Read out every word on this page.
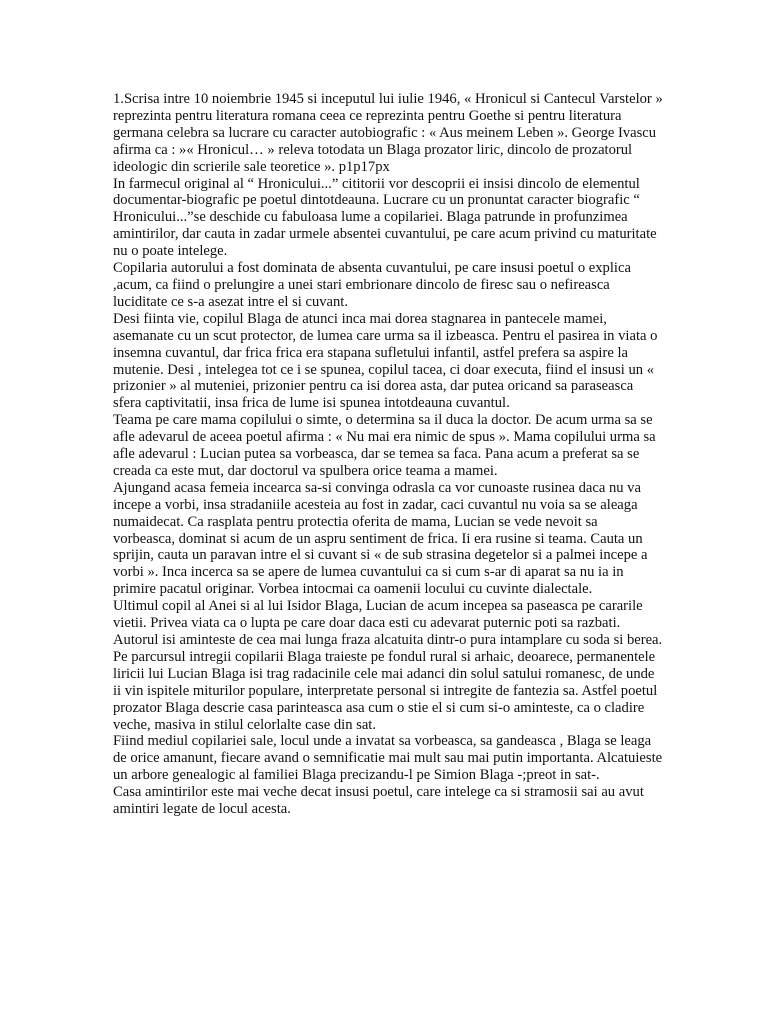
1.Scrisa intre 10 noiembrie 1945 si inceputul lui iulie 1946, « Hronicul si Cantecul Varstelor » reprezinta pentru literatura romana ceea ce reprezinta pentru Goethe si pentru literatura germana celebra sa lucrare cu caracter autobiografic : « Aus meinem Leben ». George Ivascu afirma ca : »« Hronicul… » releva totodata un Blaga prozator liric, dincolo de prozatorul ideologic din scrierile sale teoretice ». p1p17px

In farmecul original al “ Hronicului...” cititorii vor descoprii ei insisi dincolo de elementul documentar-biografic pe poetul dintotdeauna. Lucrare cu un pronuntat caracter biografic “ Hronicului...”se deschide cu fabuloasa lume a copilariei. Blaga patrunde in profunzimea amintirilor, dar cauta in zadar urmele absentei cuvantului, pe care acum privind cu maturitate nu o poate intelege.

Copilaria autorului a fost dominata de absenta cuvantului, pe care insusi poetul o explica ,acum, ca fiind o prelungire a unei stari embrionare dincolo de firesc sau o nefireasca luciditate ce s-a asezat intre el si cuvant.

Desi fiinta vie, copilul Blaga de atunci inca mai dorea stagnarea in pantecele mamei, asemanate cu un scut protector, de lumea care urma sa il izbeasca. Pentru el pasirea in viata o insemna cuvantul, dar frica frica era stapana sufletului infantil, astfel prefera sa aspire la mutenie. Desi , intelegea tot ce i se spunea, copilul tacea, ci doar executa, fiind el insusi un « prizonier » al muteniei, prizonier pentru ca isi dorea asta, dar putea oricand sa paraseasca sfera captivitatii, insa frica de lume isi spunea intotdeauna cuvantul.

Teama pe care mama copilului o simte, o determina sa il duca la doctor. De acum urma sa se afle adevarul de aceea poetul afirma : « Nu mai era nimic de spus ». Mama copilului urma sa afle adevarul : Lucian putea sa vorbeasca, dar se temea sa faca. Pana acum a preferat sa se creada ca este mut, dar doctorul va spulbera orice teama a mamei.

Ajungand acasa femeia incearca sa-si convinga odrasla ca vor cunoaste rusinea daca nu va incepe a vorbi, insa stradaniile acesteia au fost in zadar, caci cuvantul nu voia sa se aleaga numaidecat. Ca rasplata pentru protectia oferita de mama, Lucian se vede nevoit sa vorbeasca, dominat si acum de un aspru sentiment de frica. Ii era rusine si teama. Cauta un sprijin, cauta un paravan intre el si cuvant si « de sub strasina degetelor si a palmei incepe a vorbi ». Inca incerca sa se apere de lumea cuvantului ca si cum s-ar di aparat sa nu ia in primire pacatul originar. Vorbea intocmai ca oamenii locului cu cuvinte dialectale.

Ultimul copil al Anei si al lui Isidor Blaga, Lucian de acum incepea sa paseasca pe cararile vietii. Privea viata ca o lupta pe care doar daca esti cu adevarat puternic poti sa razbati. Autorul isi aminteste de cea mai lunga fraza alcatuita dintr-o pura intamplare cu soda si berea.

Pe parcursul intregii copilarii Blaga traieste pe fondul rural si arhaic, deoarece, permanentele liricii lui Lucian Blaga isi trag radacinile cele mai adanci din solul satului romanesc, de unde ii vin ispitele miturilor populare, interpretate personal si intregite de fantezia sa. Astfel poetul prozator Blaga descrie casa parinteasca asa cum o stie el si cum si-o aminteste, ca o cladire veche, masiva in stilul celorlalte case din sat.

Fiind mediul copilariei sale, locul unde a invatat sa vorbeasca, sa gandeasca , Blaga se leaga de orice amanunt, fiecare avand o semnificatie mai mult sau mai putin importanta. Alcatuieste un arbore genealogic al familiei Blaga precizandu-l pe Simion Blaga -;preot in sat-.

Casa amintirilor este mai veche decat insusi poetul, care intelege ca si stramosii sai au avut amintiri legate de locul acesta.
